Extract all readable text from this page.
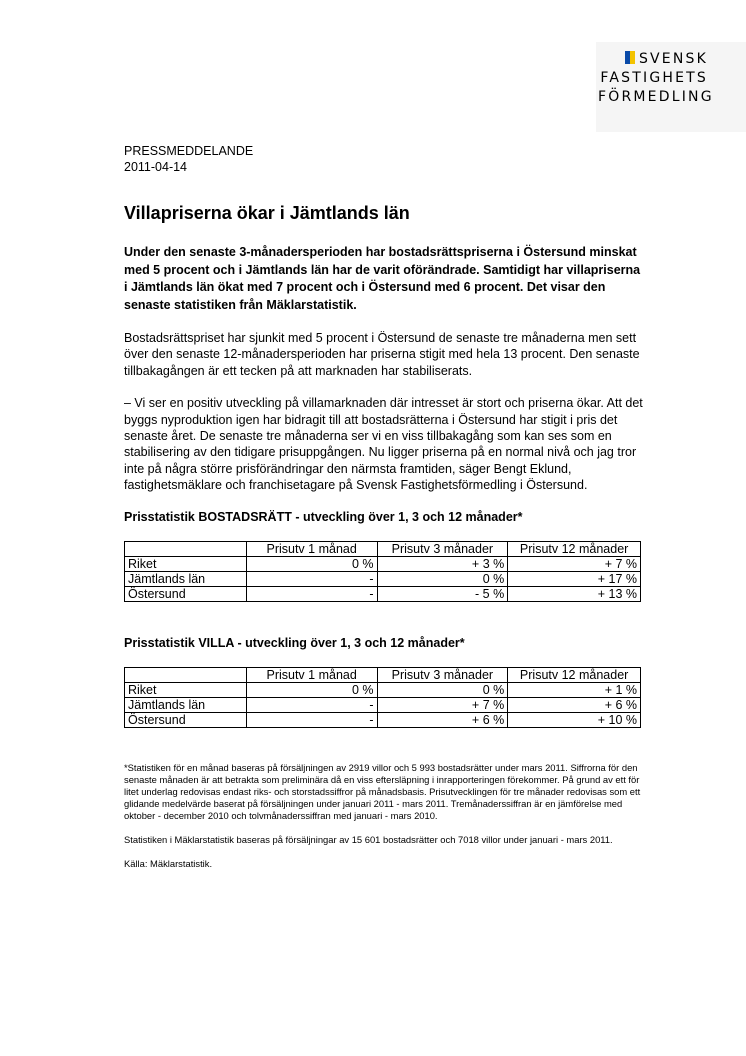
SVENSK
FASTIGHETS
FÖRMEDLING
PRESSMEDDELANDE
2011-04-14
Villapriserna ökar i Jämtlands län

Under den senaste 3-månadersperioden har bostadsrättspriserna i Östersund minskat med 5 procent och i Jämtlands län har de varit oförändrade. Samtidigt har villapriserna i Jämtlands län ökat med 7 procent och i Östersund med 6 procent. Det visar den senaste statistiken från Mäklarstatistik.

Bostadsrättspriset har sjunkit med 5 procent i Östersund de senaste tre månaderna men sett över den senaste 12-månadersperioden har priserna stigit med hela 13 procent. Den senaste tillbakagången är ett tecken på att marknaden har stabiliserats.

– Vi ser en positiv utveckling på villamarknaden där intresset är stort och priserna ökar. Att det byggs nyproduktion igen har bidragit till att bostadsrätterna i Östersund har stigit i pris det senaste året. De senaste tre månaderna ser vi en viss tillbakagång som kan ses som en stabilisering av den tidigare prisuppgången. Nu ligger priserna på en normal nivå och jag tror inte på några större prisförändringar den närmsta framtiden, säger Bengt Eklund, fastighetsmäklare och franchisetagare på Svensk Fastighetsförmedling i Östersund.

Prisstatistik BOSTADSRÄTT - utveckling över 1, 3 och 12 månader*
	Prisutv 1 månad	Prisutv 3 månader	Prisutv 12 månader
Riket	0 %	+ 3 %	+ 7 %
Jämtlands län	-	0 %	+ 17 %
Östersund	-	- 5 %	+ 13 %
Prisstatistik VILLA - utveckling över 1, 3 och 12 månader*
	Prisutv 1 månad	Prisutv 3 månader	Prisutv 12 månader
Riket	0 %	0 %	+ 1 %
Jämtlands län	-	+ 7 %	+ 6 %
Östersund	-	+ 6 %	+ 10 %

*Statistiken för en månad baseras på försäljningen av 2919 villor och 5 993 bostadsrätter under mars 2011. Siffrorna för den senaste månaden är att betrakta som preliminära då en viss eftersläpning i inrapporteringen förekommer. På grund av ett för litet underlag redovisas endast riks- och storstadssiffror på månadsbasis. Prisutvecklingen för tre månader redovisas som ett glidande medelvärde baserat på försäljningen under januari 2011 - mars 2011. Tremånaderssiffran är en jämförelse med oktober - december 2010 och tolvmånaderssiffran med januari - mars 2010.

Statistiken i Mäklarstatistik baseras på försäljningar av 15 601 bostadsrätter och 7018 villor under januari - mars 2011.

Källa: Mäklarstatistik.
